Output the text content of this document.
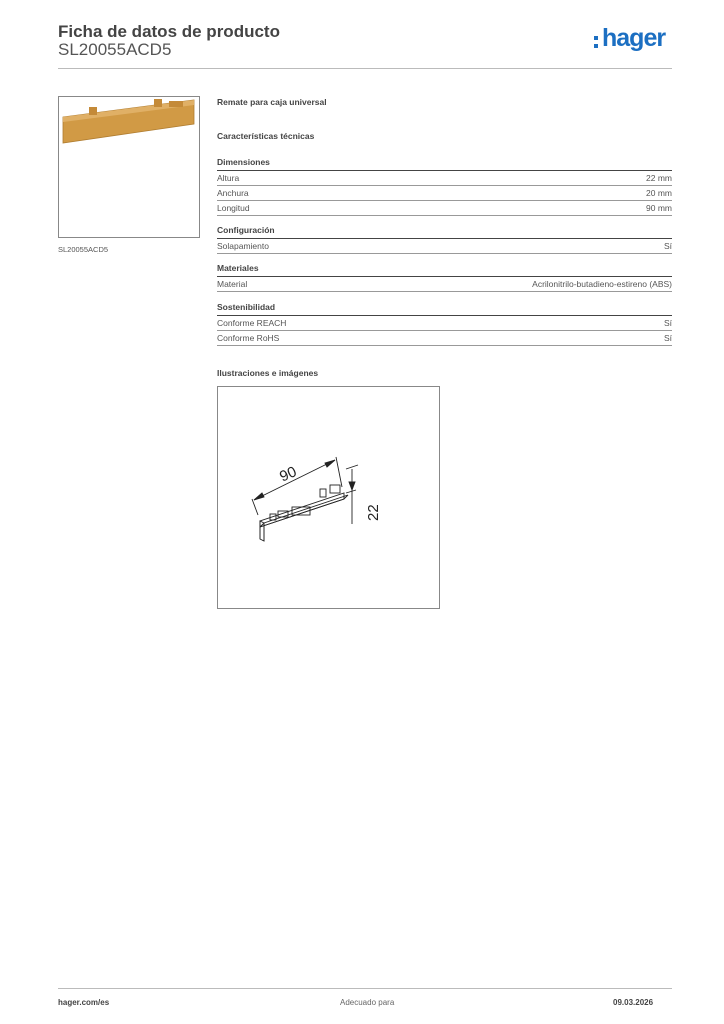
Ficha de datos de producto
SL20055ACD5	hager
SL20055ACD5
Remate para caja universal
Características técnicas
Dimensiones
Altura	22 mm
Anchura	20 mm
Longitud	90 mm
Configuración
Solapamiento	Sí
Materiales
Material	Acrilonitrilo-butadieno-estireno (ABS)
Sostenibilidad
Conforme REACH	Sí
Conforme RoHS	Sí
Ilustraciones e imágenes
90
22
hager.com/es	Adecuado para	09.03.2026
